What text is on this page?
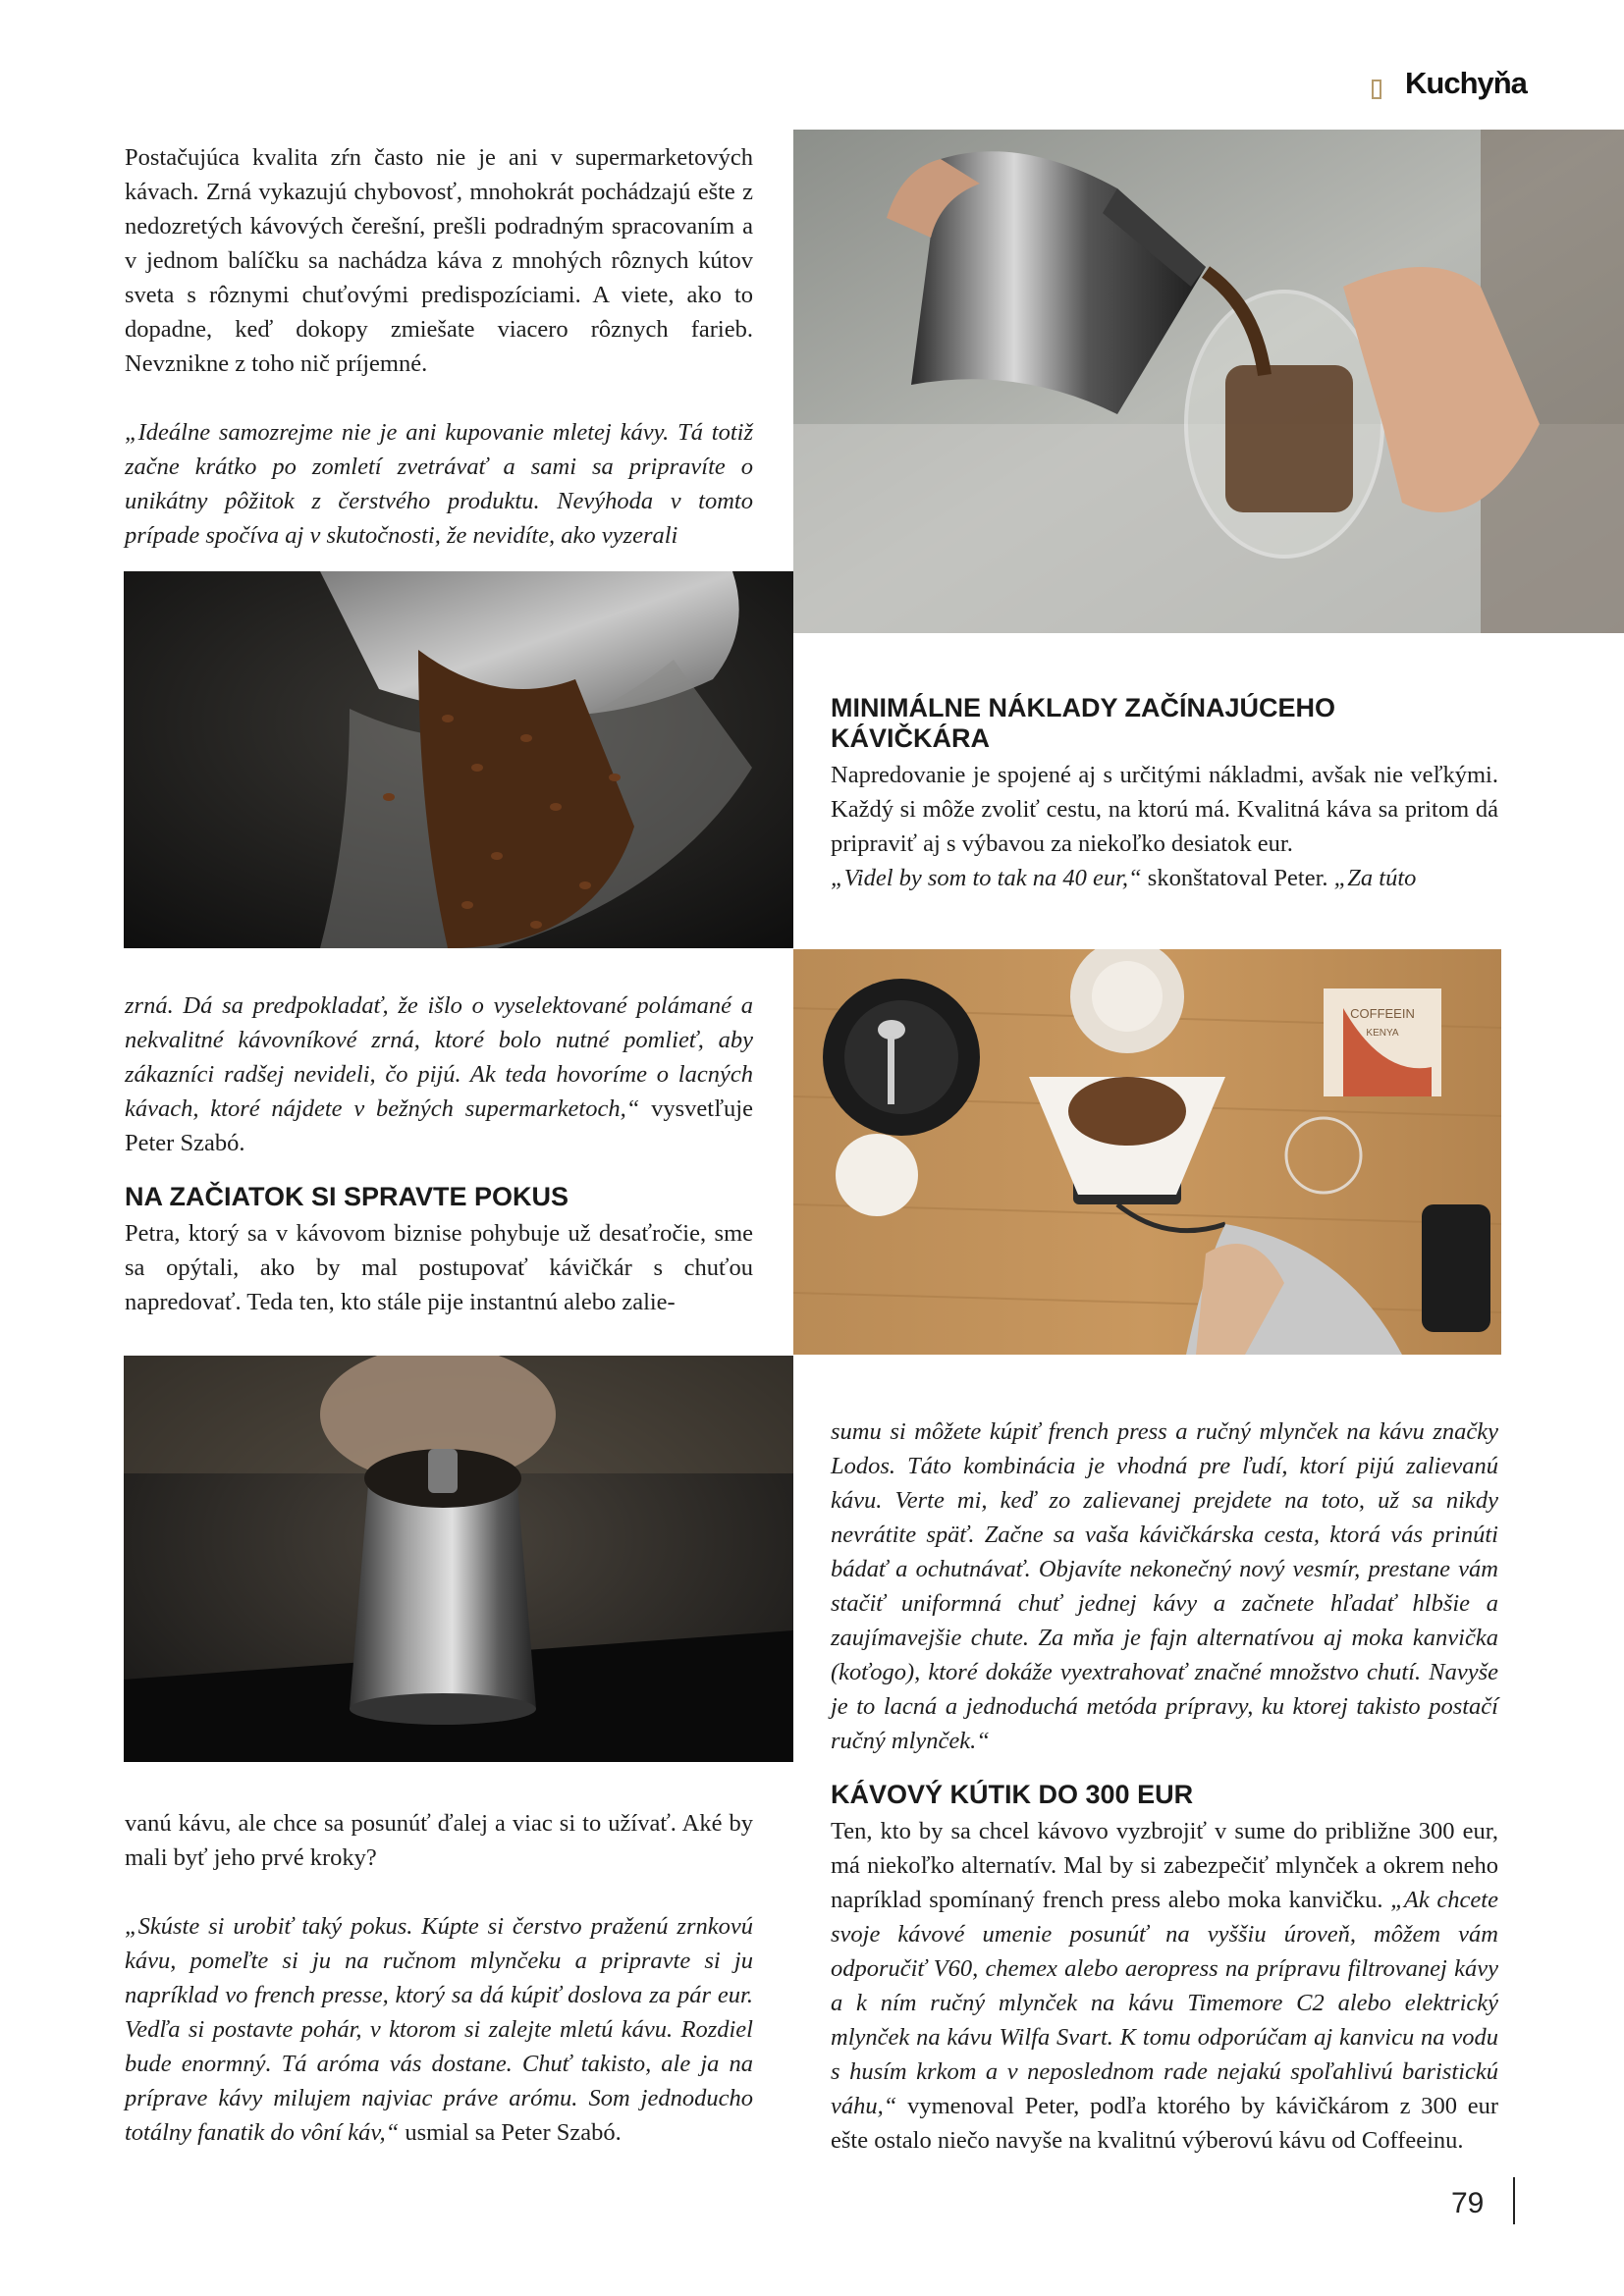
Kuchyňa

Postačujúca kvalita zŕn často nie je ani v supermarketových kávach. Zrná vykazujú chybovosť, mnohokrát pochádzajú ešte z nedozretých kávových čerešní, prešli podradným spracovaním a v jednom balíčku sa nachádza káva z mnohých rôznych kútov sveta s rôznymi chuťovými predispozíciami. A viete, ako to dopadne, keď dokopy zmiešate viacero rôznych farieb. Nevznikne z toho nič príjemné.

„Ideálne samozrejme nie je ani kupovanie mletej kávy. Tá totiž začne krátko po zomletí zvetrávať a sami sa pripravíte o unikátny pôžitok z čerstvého produktu. Nevýhoda v tomto prípade spočíva aj v skutočnosti, že nevidíte, ako vyzerali

MINIMÁLNE NÁKLADY ZAČÍNAJÚCEHO KÁVIČKÁRA

Napredovanie je spojené aj s určitými nákladmi, avšak nie veľkými. Každý si môže zvoliť cestu, na ktorú má. Kvalitná káva sa pritom dá pripraviť aj s výbavou za niekoľko desiatok eur.
„Videl by som to tak na 40 eur,“ skonštatoval Peter. „Za túto

COFFEEIN
KENYA

zrná. Dá sa predpokladať, že išlo o vyselektované polámané a nekvalitné kávovníkové zrná, ktoré bolo nutné pomlieť, aby zákazníci radšej nevideli, čo pijú. Ak teda hovoríme o lacných kávach, ktoré nájdete v bežných supermarketoch,“ vysvetľuje Peter Szabó.

NA ZAČIATOK SI SPRAVTE POKUS

Petra, ktorý sa v kávovom biznise pohybuje už desaťročie, sme sa opýtali, ako by mal postupovať kávičkár s chuťou napredovať. Teda ten, kto stále pije instantnú alebo zalie-

sumu si môžete kúpiť french press a ručný mlynček na kávu značky Lodos. Táto kombinácia je vhodná pre ľudí, ktorí pijú zalievanú kávu. Verte mi, keď zo zalievanej prejdete na toto, už sa nikdy nevrátite späť. Začne sa vaša kávičkárska cesta, ktorá vás prinúti bádať a ochutnávať. Objavíte nekonečný nový vesmír, prestane vám stačiť uniformná chuť jednej kávy a začnete hľadať hlbšie a zaujímavejšie chute. Za mňa je fajn alternatívou aj moka kanvička (koťogo), ktoré dokáže vyextrahovať značné množstvo chutí. Navyše je to lacná a jednoduchá metóda prípravy, ku ktorej takisto postačí ručný mlynček.“

KÁVOVÝ KÚTIK DO 300 EUR

Ten, kto by sa chcel kávovo vyzbrojiť v sume do približne 300 eur, má niekoľko alternatív. Mal by si zabezpečiť mlynček a okrem neho napríklad spomínaný french press alebo moka kanvičku. „Ak chcete svoje kávové umenie posunúť na vyššiu úroveň, môžem vám odporučiť V60, chemex alebo aeropress na prípravu filtrovanej kávy a k ním ručný mlynček na kávu Timemore C2 alebo elektrický mlynček na kávu Wilfa Svart. K tomu odporúčam aj kanvicu na vodu s husím krkom a v neposlednom rade nejakú spoľahlivú baristickú váhu,“ vymenoval Peter, podľa ktorého by kávičkárom z 300 eur ešte ostalo niečo navyše na kvalitnú výberovú kávu od Coffeeinu.

vanú kávu, ale chce sa posunúť ďalej a viac si to užívať. Aké by mali byť jeho prvé kroky?

„Skúste si urobiť taký pokus. Kúpte si čerstvo praženú zrnkovú kávu, pomeľte si ju na ručnom mlynčeku a pripravte si ju napríklad vo french presse, ktorý sa dá kúpiť doslova za pár eur. Vedľa si postavte pohár, v ktorom si zalejte mletú kávu. Rozdiel bude enormný. Tá aróma vás dostane. Chuť takisto, ale ja na príprave kávy milujem najviac práve arómu. Som jednoducho totálny fanatik do vôní káv,“ usmial sa Peter Szabó.

79
